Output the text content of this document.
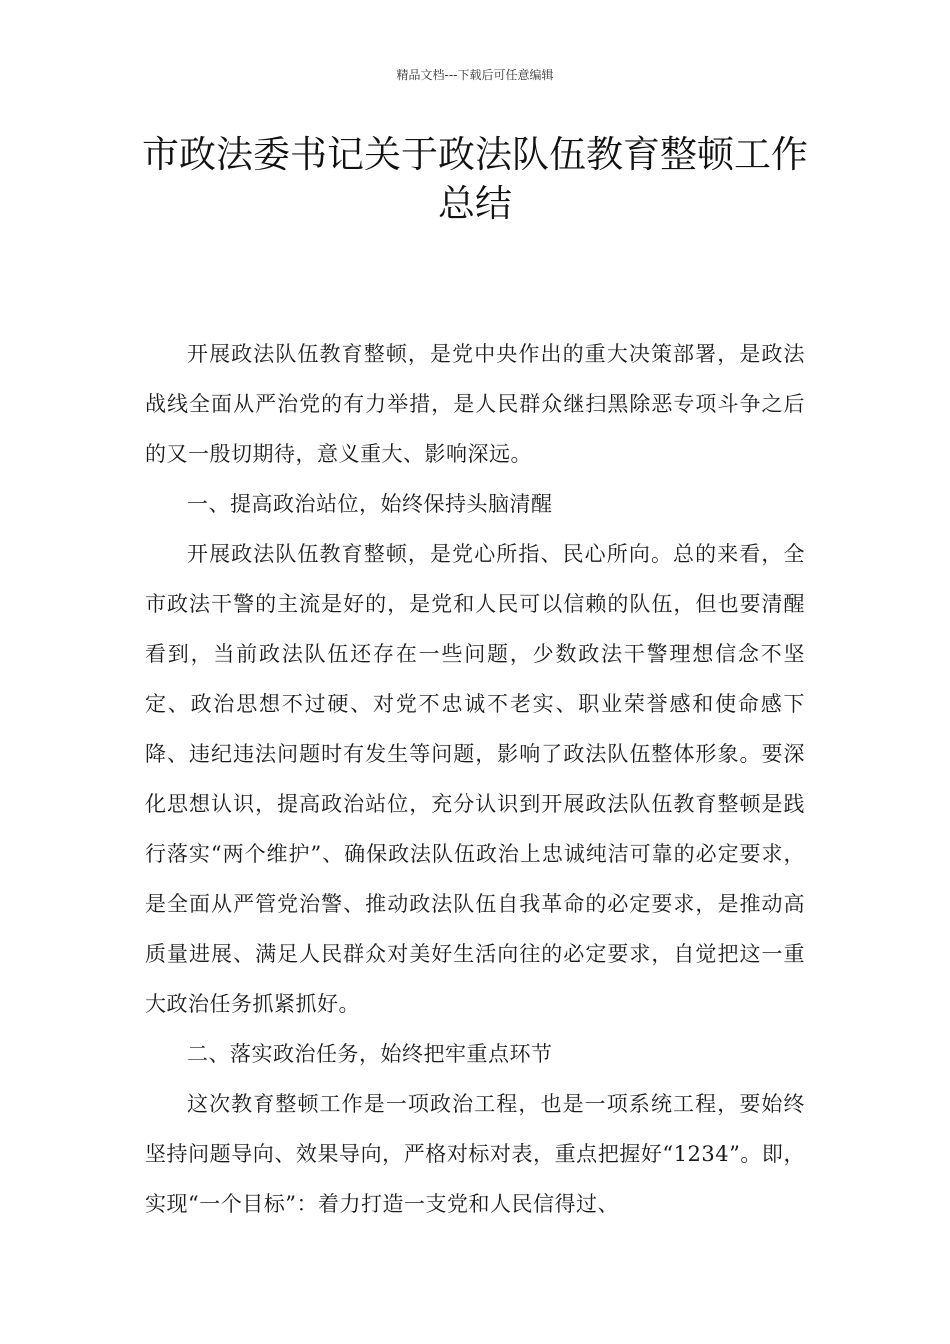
精品文档---下载后可任意编辑
市政法委书记关于政法队伍教育整顿工作总结

开展政法队伍教育整顿，是党中央作出的重大决策部署，是政法战线全面从严治党的有力举措，是人民群众继扫黑除恶专项斗争之后的又一殷切期待，意义重大、影响深远。

一、提高政治站位，始终保持头脑清醒

开展政法队伍教育整顿，是党心所指、民心所向。总的来看，全市政法干警的主流是好的，是党和人民可以信赖的队伍，但也要清醒看到，当前政法队伍还存在一些问题，少数政法干警理想信念不坚定、政治思想不过硬、对党不忠诚不老实、职业荣誉感和使命感下降、违纪违法问题时有发生等问题，影响了政法队伍整体形象。要深化思想认识，提高政治站位，充分认识到开展政法队伍教育整顿是践行落实“两个维护”、确保政法队伍政治上忠诚纯洁可靠的必定要求，是全面从严管党治警、推动政法队伍自我革命的必定要求，是推动高质量进展、满足人民群众对美好生活向往的必定要求，自觉把这一重大政治任务抓紧抓好。

二、落实政治任务，始终把牢重点环节

这次教育整顿工作是一项政治工程，也是一项系统工程，要始终坚持问题导向、效果导向，严格对标对表，重点把握好“1234”。即，实现“一个目标”：着力打造一支党和人民信得过、
